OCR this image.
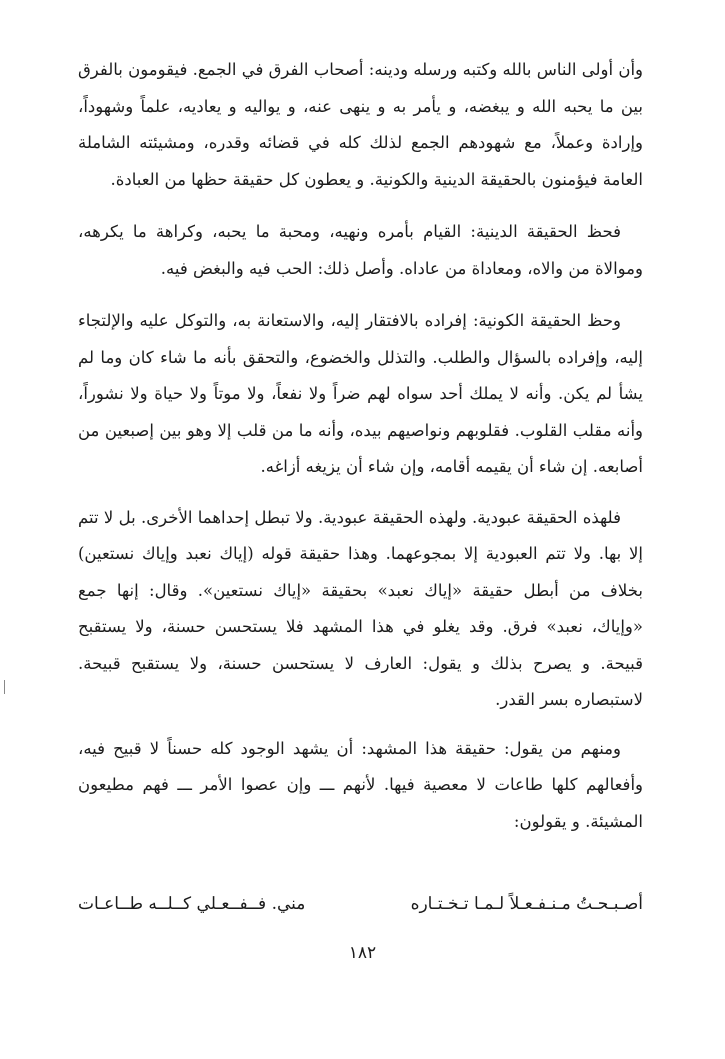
وأن أولى الناس بالله وكتبه ورسله ودينه: أصحاب الفرق في الجمع. فيقومون بالفرق بين ما يحبه الله و يبغضه، و يأمر به و ينهى عنه، و يواليه و يعاديه، علماً وشهوداً، وإرادة وعملاً، مع شهودهم الجمع لذلك كله في قضائه وقدره، ومشيئته الشاملة العامة فيؤمنون بالحقيقة الدينية والكونية. و يعطون كل حقيقة حظها من العبادة.

فحظ الحقيقة الدينية: القيام بأمره ونهيه، ومحبة ما يحبه، وكراهة ما يكرهه، وموالاة من والاه، ومعاداة من عاداه. وأصل ذلك: الحب فيه والبغض فيه.

وحظ الحقيقة الكونية: إفراده بالافتقار إليه، والاستعانة به، والتوكل عليه والإلتجاء إليه، وإفراده بالسؤال والطلب. والتذلل والخضوع، والتحقق بأنه ما شاء كان وما لم يشأ لم يكن. وأنه لا يملك أحد سواه لهم ضراً ولا نفعاً، ولا موتاً ولا حياة ولا نشوراً، وأنه مقلب القلوب. فقلوبهم ونواصيهم بيده، وأنه ما من قلب إلا وهو بين إصبعين من أصابعه. إن شاء أن يقيمه أقامه، وإن شاء أن يزيغه أزاغه.

فلهذه الحقيقة عبودية. ولهذه الحقيقة عبودية. ولا تبطل إحداهما الأخرى. بل لا تتم إلا بها. ولا تتم العبودية إلا بمجوعهما. وهذا حقيقة قوله (إياك نعبد وإياك نستعين) بخلاف من أبطل حقيقة «إياك نعبد» بحقيقة «إياك نستعين». وقال: إنها جمع «وإياك، نعبد» فرق. وقد يغلو في هذا المشهد فلا يستحسن حسنة، ولا يستقبح قبيحة. و يصرح بذلك و يقول: العارف لا يستحسن حسنة، ولا يستقبح قبيحة. لاستبصاره بسر القدر.

ومنهم من يقول: حقيقة هذا المشهد: أن يشهد الوجود كله حسناً لا قبيح فيه، وأفعالهم كلها طاعات لا معصية فيها. لأنهم ـــ وإن عصوا الأمر ـــ فهم مطيعون المشيئة. و يقولون:

أصـبـحـتُ مـنـفـعـلاً لـمـا تـخـتـاره
مني. فــفــعـلي كــلــه طــاعـات
١٨٢
